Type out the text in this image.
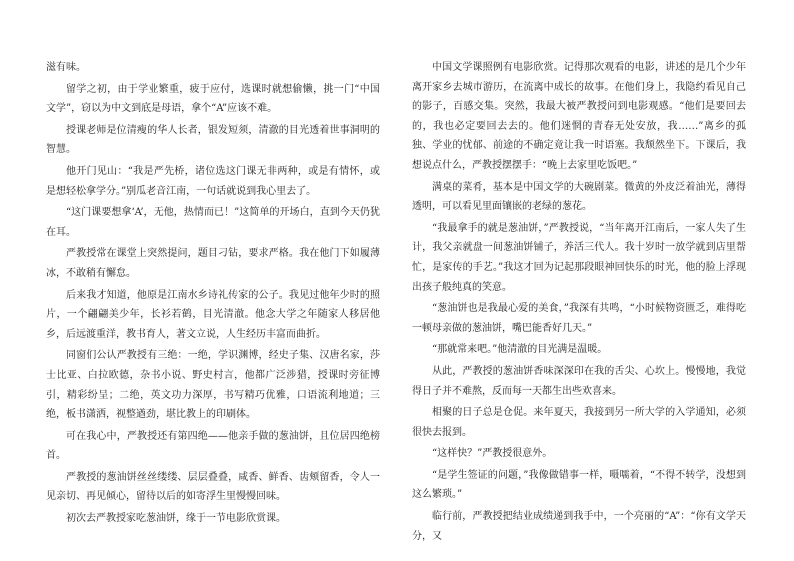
滋有味。

留学之初，由于学业繁重，疲于应付，选课时就想偷懒，挑一门“中国文学”，窃以为中文到底是母语，拿个“A”应该不难。

授课老师是位清瘦的华人长者，银发短须，清澈的目光透着世事洞明的智慧。

他开门见山：“我是严先桥，诸位选这门课无非两种，或是有情怀，或是想轻松拿学分。”别瓜老音江南，一句话就说到我心里去了。

“这门课要想拿‘A’，无他，热情而已！”这简单的开场白，直到今天仍犹在耳。

严教授常在课堂上突然提问，题目刁钻，要求严格。我在他门下如履薄冰，不敢稍有懈怠。

后来我才知道，他原是江南水乡诗礼传家的公子。我见过他年少时的照片，一个翩翩美少年，长衫若鹤，目光清澈。他念大学之年随家人移居他乡，后远渡重洋，教书育人，著文立说，人生经历丰富而曲折。

同窗们公认严教授有三绝：一绝，学识渊博，经史子集、汉唐名家，莎士比亚、白拉欧德，杂书小说、野史村言，他都广泛涉猎，授课时旁征博引，精彩纷呈；二绝，英文功力深厚，书写精巧优雅，口语流利地道；三绝，板书潇洒，视整遒劲，堪比教上的印刷体。

可在我心中，严教授还有第四绝——他亲手做的葱油饼，且位居四绝榜首。

严教授的葱油饼丝丝缕缕、层层叠叠，咸香、鲜香、齿颊留香，令人一见亲切、再见倾心，留待以后的如寄浮生里慢慢回味。

初次去严教授家吃葱油饼，缘于一节电影欣赏课。

中国文学课照例有电影欣赏。记得那次观看的电影，讲述的是几个少年离开家乡去城市游历，在流离中成长的故事。在他们身上，我隐约看见自己的影子，百感交集。突然，我最大被严教授问到电影观感。“他们是要回去的，我也必定要回去去的。他们迷惘的青春无处安放，我……”离乡的孤独、学业的忧郁、前途的不确定竟让我一时语塞。我颓然坐下。下课后，我想说点什么，严教授摆摆手：“晚上去家里吃饭吧。”

满桌的菜肴，基本是中国文学的大碗剧菜。微黄的外皮泛着油光，薄得透明，可以看见里面镶嵌的老绿的葱花。

“我最拿手的就是葱油饼，”严教授说，“当年离开江南后，一家人失了生计，我父亲就盘一间葱油饼铺子，养活三代人。我十岁时一放学就到店里帮忙，是家传的手艺。”我这才回为记起那段眼神回快乐的时光，他的脸上浮现出孩子般纯真的笑意。

“葱油饼也是我最心爱的美食，”我深有共鸣，“小时候物资匮乏，难得吃一顿母亲做的葱油饼，嘴巴能香好几天。”

“那就常来吧。”他清澈的目光满是温暖。

从此，严教授的葱油饼香味深深印在我的舌尖、心坎上。慢慢地，我觉得日子并不难熬，反而每一天都生出些欢喜来。

相聚的日子总是仓促。来年夏天，我接到另一所大学的入学通知，必须很快去报到。

“这样快？”严教授很意外。

“是学生签证的问题，”我像做错事一样，嗫嚅着，“不得不转学，没想到这么繁琐。”

临行前，严教授把结业成绩递到我手中，一个亮丽的“A”：“你有文学天分，又
